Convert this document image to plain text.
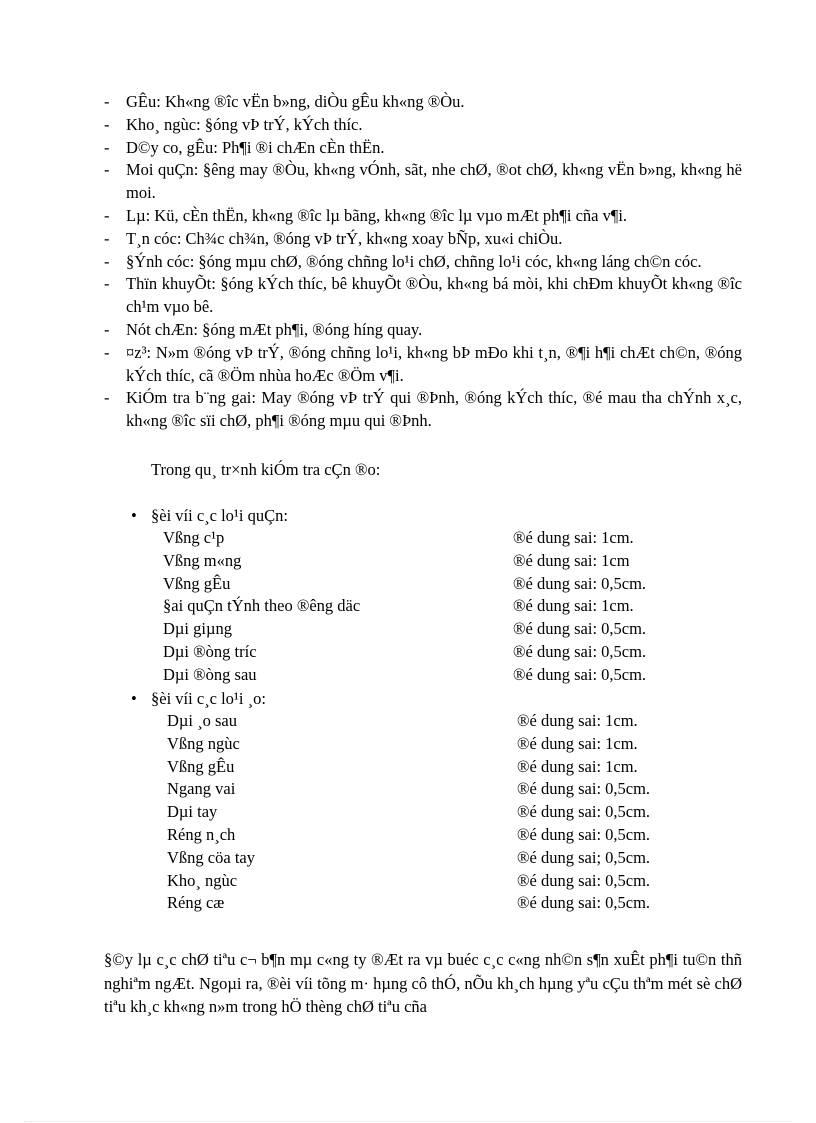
- GÊu: Kh«ng ®îc vËn b»ng, diÒu gÊu kh«ng ®Òu.
- Kho¸ ngùc: §óng vÞ trÝ, kÝch thíc.
- D©y co, gÊu: Ph¶i ®i chÆn cÈn thËn.
- Moi quÇn: §êng may ®Òu, kh«ng vÓnh, sãt, nhe chØ, ®ot chØ, kh«ng vËn b»ng, kh«ng hë moi.
- Lµ: Kü, cÈn thËn, kh«ng ®îc lµ bãng, kh«ng ®îc lµ vµo mÆt ph¶i cña v¶i.
- T¸n cóc: Ch¾c ch¾n, ®óng vÞ trÝ, kh«ng xoay bÑp, xu«i chiÒu.
- §Ýnh cóc: §óng mµu chØ, ®óng chñng lo¹i chØ, chñng lo¹i cóc, kh«ng láng ch©n cóc.
- Thïn khuyÕt: §óng kÝch thíc, bê khuyÕt ®Òu, kh«ng bá mòi, khi chÐm khuyÕt kh«ng ®îc ch¹m vµo bê.
- Nót chÆn: §óng mÆt ph¶i, ®óng híng quay.
- ¤z³: N»m ®óng vÞ trÝ, ®óng chñng lo¹i, kh«ng bÞ mÐo khi t¸n, ®¶i h¶i chÆt ch©n, ®óng kÝch thíc, cã ®Öm nhùa hoÆc ®Öm v¶i.
- KiÓm tra b¨ng gai: May ®óng vÞ trÝ qui ®Þnh, ®óng kÝch thíc, ®é mau tha chÝnh x¸c, kh«ng ®îc sïi chØ, ph¶i ®óng mµu qui ®Þnh.
Trong qu¸ tr×nh kiÓm tra cÇn ®o:
• §èi víi c¸c lo¹i quÇn:
Vßng c¹p	®é dung sai: 1cm.
Vßng m«ng	®é dung sai: 1cm
Vßng gÊu	®é dung sai: 0,5cm.
§ai quÇn tÝnh theo ®êng däc	®é dung sai: 1cm.
Dµi giµng	®é dung sai: 0,5cm.
Dµi ®òng tríc	®é dung sai: 0,5cm.
Dµi ®òng sau	®é dung sai: 0,5cm.
• §èi víi c¸c lo¹i ¸o:
Dµi ¸o sau	®é dung sai: 1cm.
Vßng ngùc	®é dung sai: 1cm.
Vßng gÊu	®é dung sai: 1cm.
Ngang vai	®é dung sai: 0,5cm.
Dµi tay	®é dung sai: 0,5cm.
Réng n¸ch	®é dung sai: 0,5cm.
Vßng cöa tay	®é dung sai; 0,5cm.
Kho¸ ngùc	®é dung sai: 0,5cm.
Réng cæ	®é dung sai: 0,5cm.
§©y lµ c¸c chØ tiªu c¬ b¶n mµ c«ng ty ®Æt ra vµ buéc c¸c c«ng nh©n s¶n xuÊt ph¶i tu©n thñ nghiªm ngÆt. Ngoµi ra, ®èi víi tõng m· hµng cô thÓ, nÕu kh¸ch hµng yªu cÇu thªm mét sè chØ tiªu kh¸c kh«ng n»m trong hÖ thèng chØ tiªu cña
